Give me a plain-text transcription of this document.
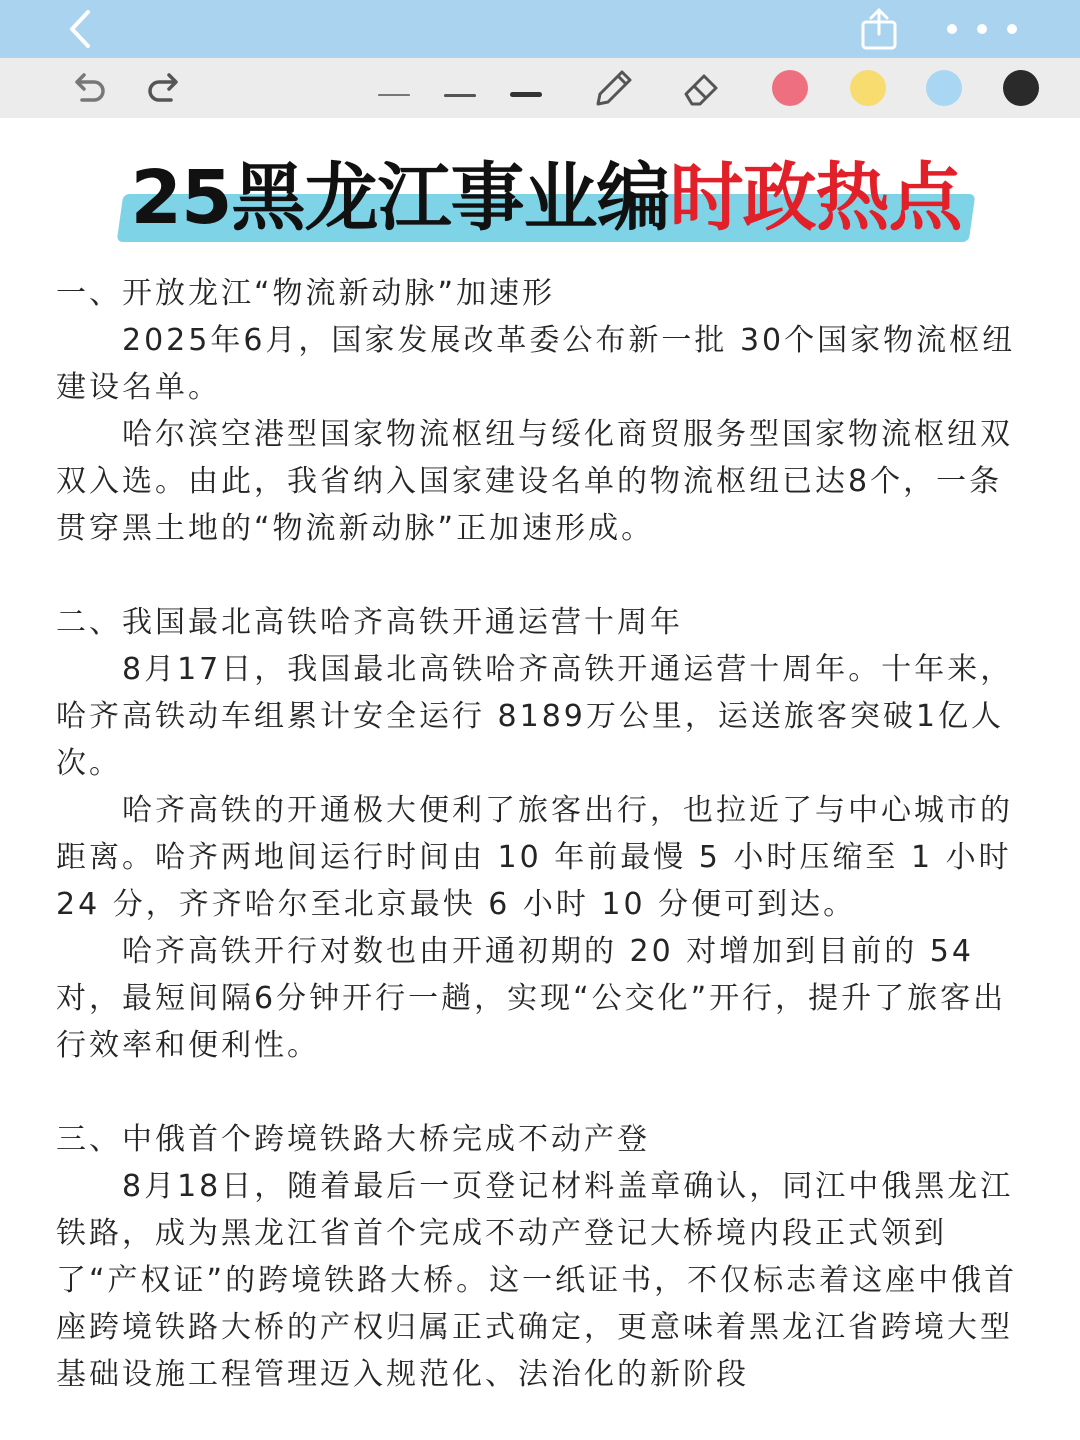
25黑龙江事业编时政热点

一、开放龙江“物流新动脉”加速形

2025年6月，国家发展改革委公布新一批 30个国家物流枢纽建设名单。

哈尔滨空港型国家物流枢纽与绥化商贸服务型国家物流枢纽双双入选。由此，我省纳入国家建设名单的物流枢纽已达8个，一条贯穿黑土地的“物流新动脉”正加速形成。

二、我国最北高铁哈齐高铁开通运营十周年

8月17日，我国最北高铁哈齐高铁开通运营十周年。十年来，哈齐高铁动车组累计安全运行 8189万公里，运送旅客突破1亿人次。

哈齐高铁的开通极大便利了旅客出行，也拉近了与中心城市的距离。哈齐两地间运行时间由 10 年前最慢 5 小时压缩至 1 小时 24 分，齐齐哈尔至北京最快 6 小时 10 分便可到达。

哈齐高铁开行对数也由开通初期的 20 对增加到目前的 54 对，最短间隔6分钟开行一趟，实现“公交化”开行，提升了旅客出行效率和便利性。

三、中俄首个跨境铁路大桥完成不动产登

8月18日，随着最后一页登记材料盖章确认，同江中俄黑龙江铁路，成为黑龙江省首个完成不动产登记大桥境内段正式领到了“产权证”的跨境铁路大桥。这一纸证书，不仅标志着这座中俄首座跨境铁路大桥的产权归属正式确定，更意味着黑龙江省跨境大型基础设施工程管理迈入规范化、法治化的新阶段
